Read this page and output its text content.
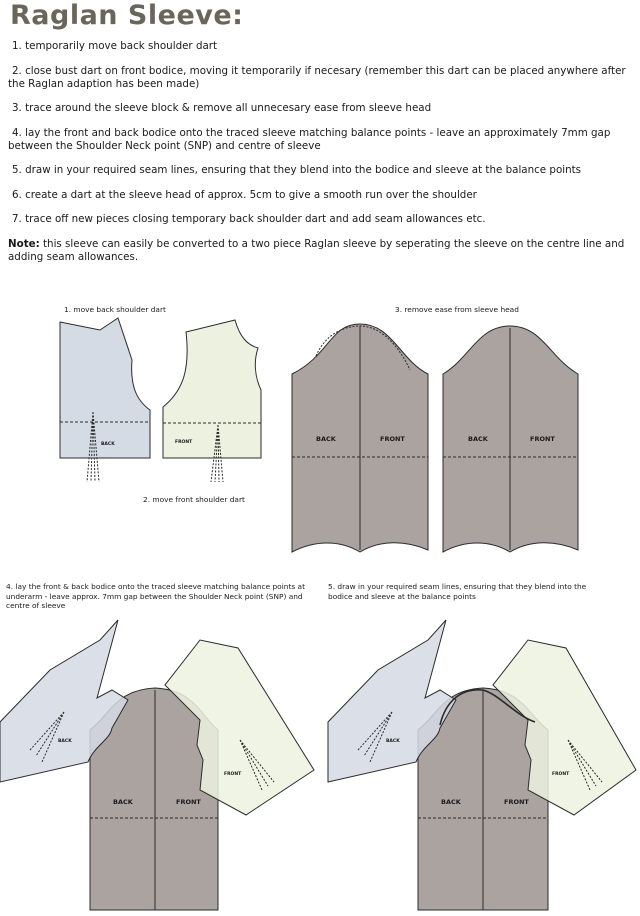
Raglan Sleeve:

1. temporarily move back shoulder dart

2. close bust dart on front bodice, moving it temporarily if necesary (remember this dart can be placed anywhere after the Raglan adaption has been made)

3. trace around the sleeve block & remove all unnecesary ease from sleeve head

4. lay the front and back bodice onto the traced sleeve matching balance points - leave an approximately 7mm gap between the Shoulder Neck point (SNP) and centre of sleeve

5. draw in your required seam lines, ensuring that they blend into the bodice and sleeve at the balance points

6. create a dart at the sleeve head of approx. 5cm to give a smooth run over the shoulder

7. trace off new pieces closing temporary back shoulder dart and add seam allowances etc.

Note: this sleeve can easily be converted to a two piece Raglan sleeve by seperating the sleeve on the centre line and adding seam allowances.

1. move back shoulder dart
2. move front shoulder dart
3. remove ease from sleeve head
4. lay the front & back bodice onto the traced sleeve matching balance points at underarm - leave approx. 7mm gap between the Shoulder Neck point (SNP) and centre of sleeve
5. draw in your required seam lines, ensuring that they blend into the bodice and sleeve at the balance points
BACK	FRONT	BACK	FRONT	BACK	FRONT
BACK	FRONT	BACK	FRONT
BACK
FRONT
BACK
FRONT
